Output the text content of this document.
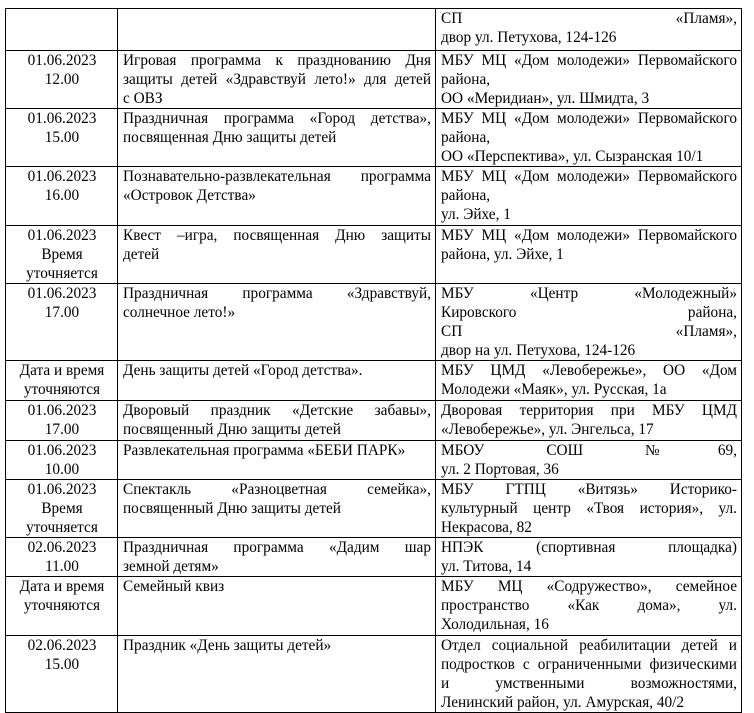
		СП «Пламя»,
двор ул. Петухова, 124-126

01.06.2023
12.00	Игровая программа к празднованию Дня
защиты детей «Здравствуй лето!» для детей
с ОВЗ	МБУ МЦ «Дом молодежи» Первомайского
района,
ОО «Меридиан», ул. Шмидта, 3

01.06.2023
15.00	Праздничная программа «Город детства»,
посвященная Дню защиты детей	МБУ МЦ «Дом молодежи» Первомайского
района,
ОО «Перспектива», ул. Сызранская 10/1

01.06.2023
16.00	Познавательно-развлекательная программа
«Островок Детства»	МБУ МЦ «Дом молодежи» Первомайского
района,
ул. Эйхе, 1

01.06.2023
Время
уточняется	Квест –игра, посвященная Дню защиты
детей	МБУ МЦ «Дом молодежи» Первомайского
района, ул. Эйхе, 1

01.06.2023
17.00	Праздничная программа «Здравствуй,
солнечное лето!»	МБУ «Центр «Молодежный»
Кировского района,
СП «Пламя»,
двор на ул. Петухова, 124-126

Дата и время
уточняются	День защиты детей «Город детства».	МБУ ЦМД «Левобережье», ОО «Дом
Молодежи «Маяк», ул. Русская, 1а

01.06.2023
17.00	Дворовый праздник «Детские забавы»,
посвященный Дню защиты детей	Дворовая территория при МБУ ЦМД
«Левобережье», ул. Энгельса, 17

01.06.2023
10.00	Развлекательная программа «БЕБИ ПАРК»	МБОУ СОШ №69,
ул. 2 Портовая, 36

01.06.2023
Время
уточняется	Спектакль «Разноцветная семейка»,
посвященный Дню защиты детей	МБУ ГТПЦ «Витязь» Историко-
культурный центр «Твоя история», ул.
Некрасова, 82

02.06.2023
11.00	Праздничная программа «Дадим шар
земной детям»	НПЭК (спортивная площадка)
ул. Титова, 14

Дата и время
уточняются	Семейный квиз	МБУ МЦ «Содружество», семейное
пространство «Как дома», ул.
Холодильная, 16

02.06.2023
15.00	Праздник «День защиты детей»	Отдел социальной реабилитации детей и
подростков с ограниченными физическими
и умственными возможностями,
Ленинский район, ул. Амурская, 40/2
